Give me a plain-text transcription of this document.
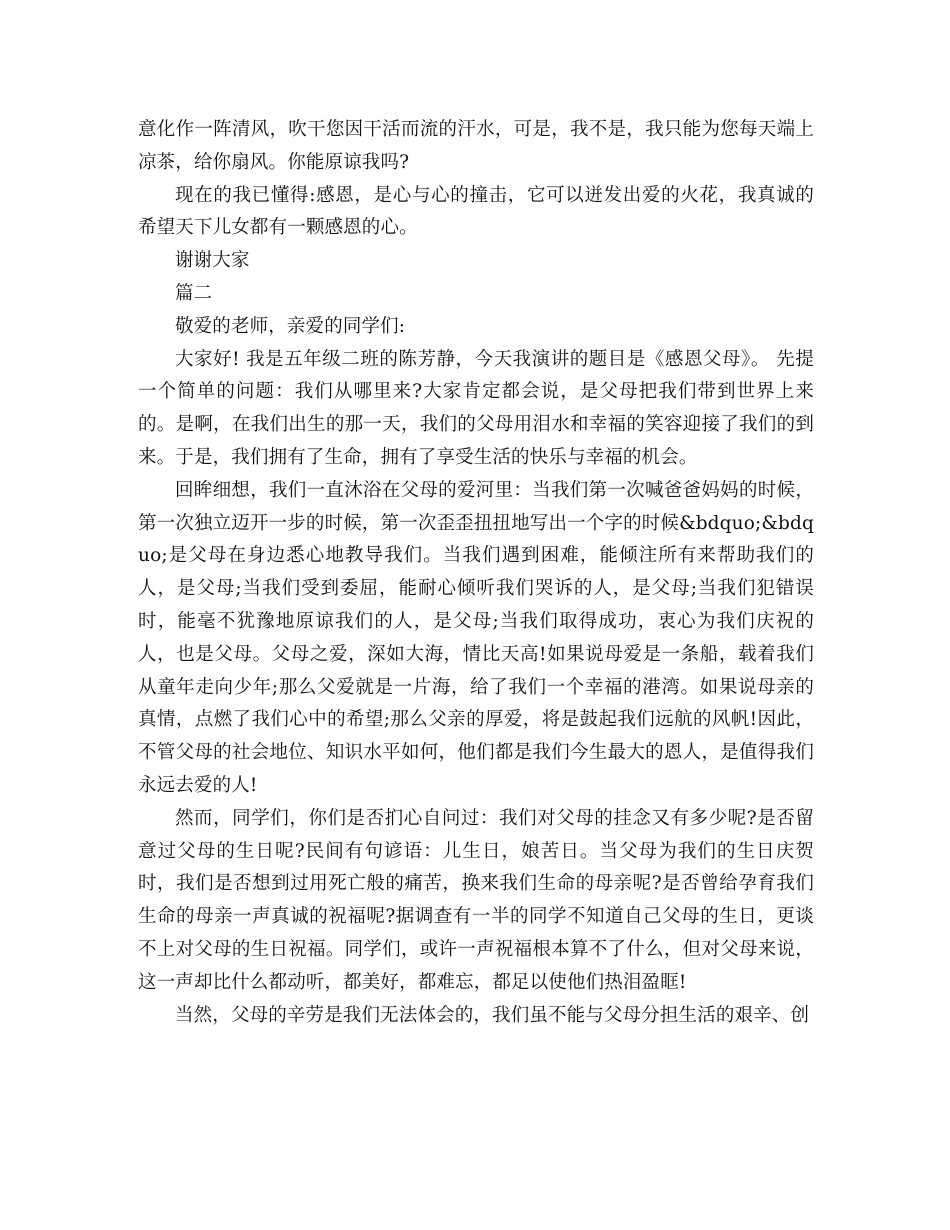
意化作一阵清风，吹干您因干活而流的汗水，可是，我不是，我只能为您每天端上凉茶，给你扇风。你能原谅我吗?

现在的我已懂得:感恩，是心与心的撞击，它可以迸发出爱的火花，我真诚的希望天下儿女都有一颗感恩的心。

谢谢大家

篇二

敬爱的老师，亲爱的同学们:

大家好! 我是五年级二班的陈芳静，今天我演讲的题目是《感恩父母》。 先提一个简单的问题：我们从哪里来?大家肯定都会说，是父母把我们带到世界上来的。是啊，在我们出生的那一天，我们的父母用泪水和幸福的笑容迎接了我们的到来。于是，我们拥有了生命，拥有了享受生活的快乐与幸福的机会。

回眸细想，我们一直沐浴在父母的爱河里：当我们第一次喊爸爸妈妈的时候，第一次独立迈开一步的时候，第一次歪歪扭扭地写出一个字的时候&bdquo;&bdquo;是父母在身边悉心地教导我们。当我们遇到困难，能倾注所有来帮助我们的人，是父母;当我们受到委屈，能耐心倾听我们哭诉的人，是父母;当我们犯错误时，能毫不犹豫地原谅我们的人，是父母;当我们取得成功，衷心为我们庆祝的人，也是父母。父母之爱，深如大海，情比天高!如果说母爱是一条船，载着我们从童年走向少年;那么父爱就是一片海，给了我们一个幸福的港湾。如果说母亲的真情，点燃了我们心中的希望;那么父亲的厚爱，将是鼓起我们远航的风帆!因此，不管父母的社会地位、知识水平如何，他们都是我们今生最大的恩人，是值得我们永远去爱的人!

然而，同学们，你们是否扪心自问过：我们对父母的挂念又有多少呢?是否留意过父母的生日呢?民间有句谚语：儿生日，娘苦日。当父母为我们的生日庆贺时，我们是否想到过用死亡般的痛苦，换来我们生命的母亲呢?是否曾给孕育我们生命的母亲一声真诚的祝福呢?据调查有一半的同学不知道自己父母的生日，更谈不上对父母的生日祝福。同学们，或许一声祝福根本算不了什么，但对父母来说，这一声却比什么都动听，都美好，都难忘，都足以使他们热泪盈眶!

当然，父母的辛劳是我们无法体会的，我们虽不能与父母分担生活的艰辛、创
